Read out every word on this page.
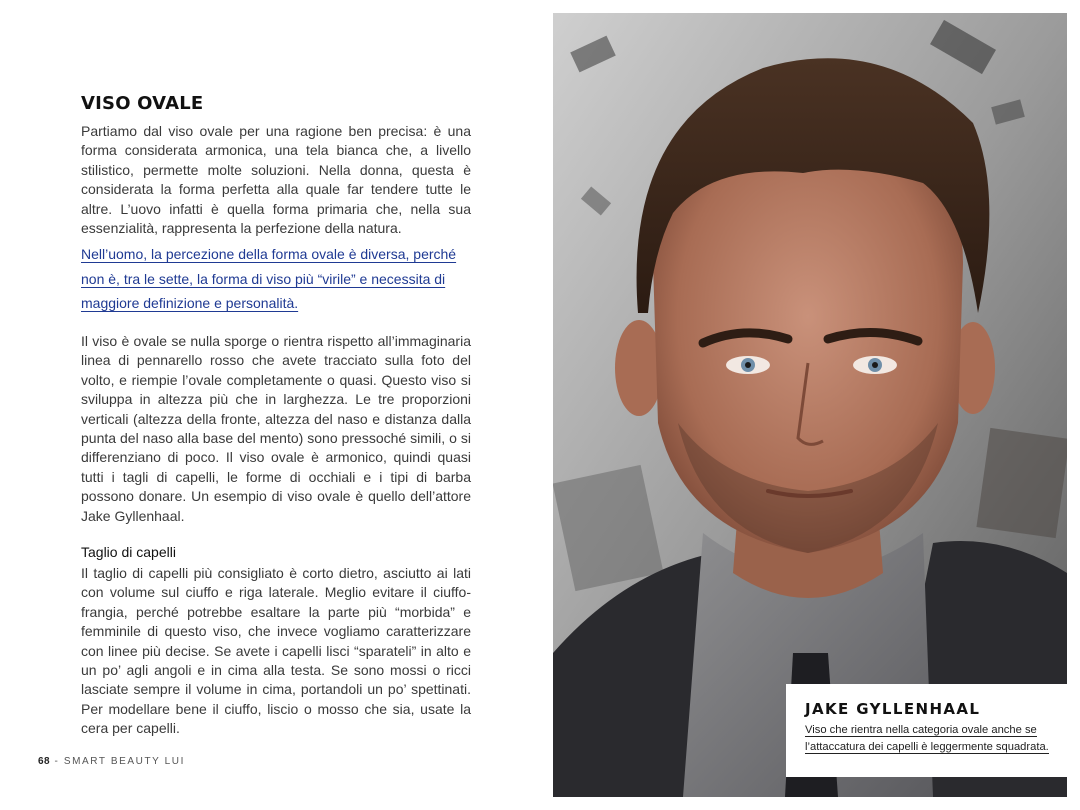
VISO OVALE

Partiamo dal viso ovale per una ragione ben precisa: è una forma considerata armonica, una tela bianca che, a livello stilistico, permette molte soluzioni. Nella donna, questa è considerata la forma perfetta alla quale far tendere tutte le altre. L’uovo infatti è quella forma primaria che, nella sua essenzialità, rappresenta la perfezione della natura.

Nell’uomo, la percezione della forma ovale è diversa, perché non è, tra le sette, la forma di viso più “virile” e necessita di maggiore definizione e personalità.

Il viso è ovale se nulla sporge o rientra rispetto all’immaginaria linea di pennarello rosso che avete tracciato sulla foto del volto, e riempie l’ovale completamente o quasi. Questo viso si sviluppa in altezza più che in larghezza. Le tre proporzioni verticali (altezza della fronte, altezza del naso e distanza dalla punta del naso alla base del mento) sono pressoché simili, o si differenziano di poco. Il viso ovale è armonico, quindi quasi tutti i tagli di capelli, le forme di occhiali e i tipi di barba possono donare. Un esempio di viso ovale è quello dell’attore Jake Gyllenhaal.

Taglio di capelli

Il taglio di capelli più consigliato è corto dietro, asciutto ai lati con volume sul ciuffo e riga laterale. Meglio evitare il ciuffo-frangia, perché potrebbe esaltare la parte più “morbida” e femminile di questo viso, che invece vogliamo caratterizzare con linee più decise. Se avete i capelli lisci “sparateli” in alto e un po’ agli angoli e in cima alla testa. Se sono mossi o ricci lasciate sempre il volume in cima, portandoli un po’ spettinati. Per modellare bene il ciuffo, liscio o mosso che sia, usate la cera per capelli.

68 - SMART BEAUTY LUI
JAKE GYLLENHAAL

Viso che rientra nella categoria ovale anche se
l’attaccatura dei capelli è leggermente squadrata.
